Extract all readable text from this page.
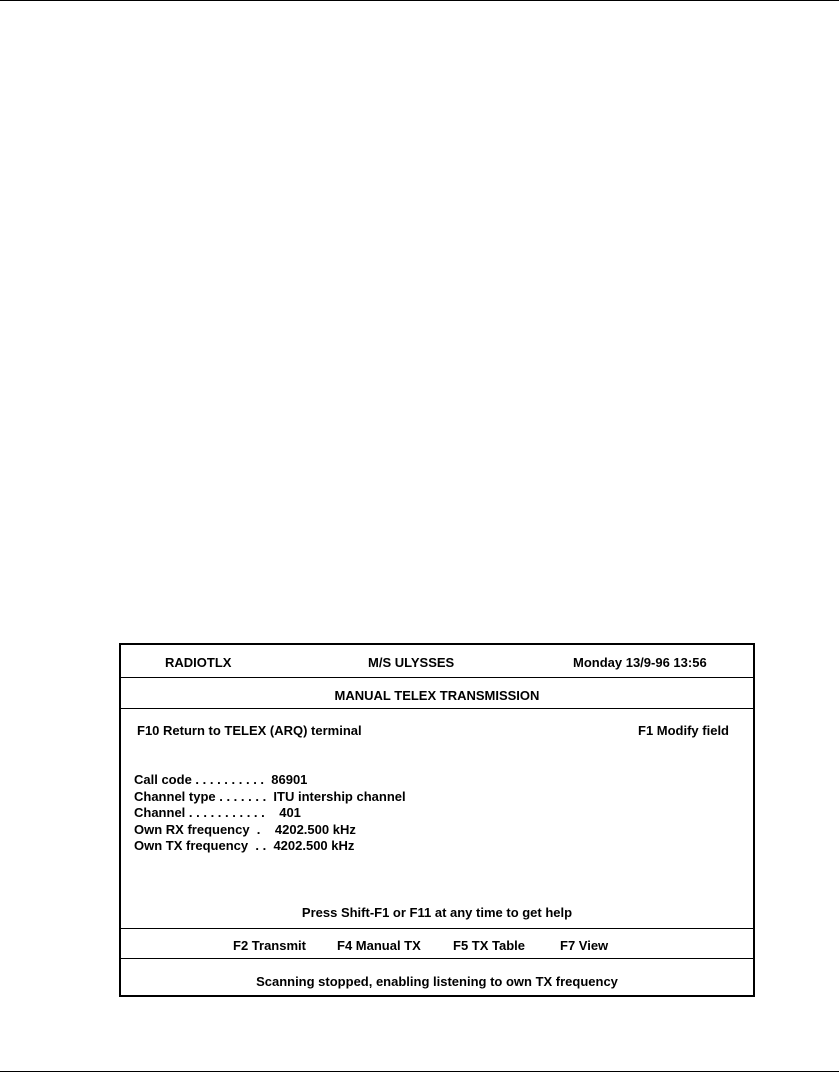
RADIOTLX	M/S ULYSSES	Monday 13/9-96 13:56
MANUAL TELEX TRANSMISSION
F10 Return to TELEX (ARQ) terminal	F1 Modify field
Call code . . . . . . . . . .  86901
Channel type . . . . . . .  ITU intership channel
Channel . . . . . . . . . . .    401
Own RX frequency  .    4202.500 kHz
Own TX frequency  . .  4202.500 kHz
Press Shift-F1 or F11 at any time to get help
F2 Transmit F4 Manual TX F5 TX Table	F7 View
Scanning stopped, enabling listening to own TX frequency
